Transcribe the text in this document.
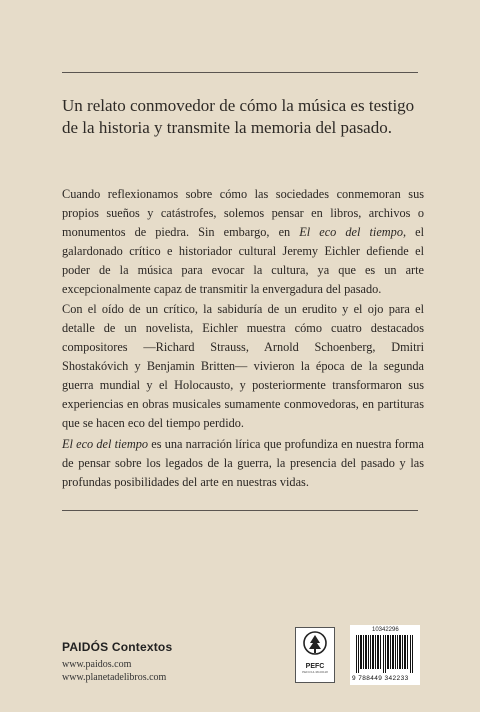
Un relato conmovedor de cómo la música es testigo de la historia y transmite la memoria del pasado.

Cuando reflexionamos sobre cómo las sociedades conmemoran sus propios sueños y catástrofes, solemos pensar en libros, archivos o monumentos de piedra. Sin embargo, en El eco del tiempo, el galardonado crítico e historiador cultural Jeremy Eichler defiende el poder de la música para evocar la cultura, ya que es un arte excepcionalmente capaz de transmitir la envergadura del pasado.

Con el oído de un crítico, la sabiduría de un erudito y el ojo para el detalle de un novelista, Eichler muestra cómo cuatro destacados compositores —Richard Strauss, Arnold Schoenberg, Dmitri Shostakóvich y Benjamin Britten— vivieron la época de la segunda guerra mundial y el Holocausto, y posteriormente transformaron sus experiencias en obras musicales sumamente conmovedoras, en partituras que se hacen eco del tiempo perdido.

El eco del tiempo es una narración lírica que profundiza en nuestra forma de pensar sobre los legados de la guerra, la presencia del pasado y las profundas posibilidades del arte en nuestras vidas.

PAIDÓS Contextos
www.paidos.com
www.planetadelibros.com
PEFC
PEFC/14-38-00118
10342296
9 788449 342233
